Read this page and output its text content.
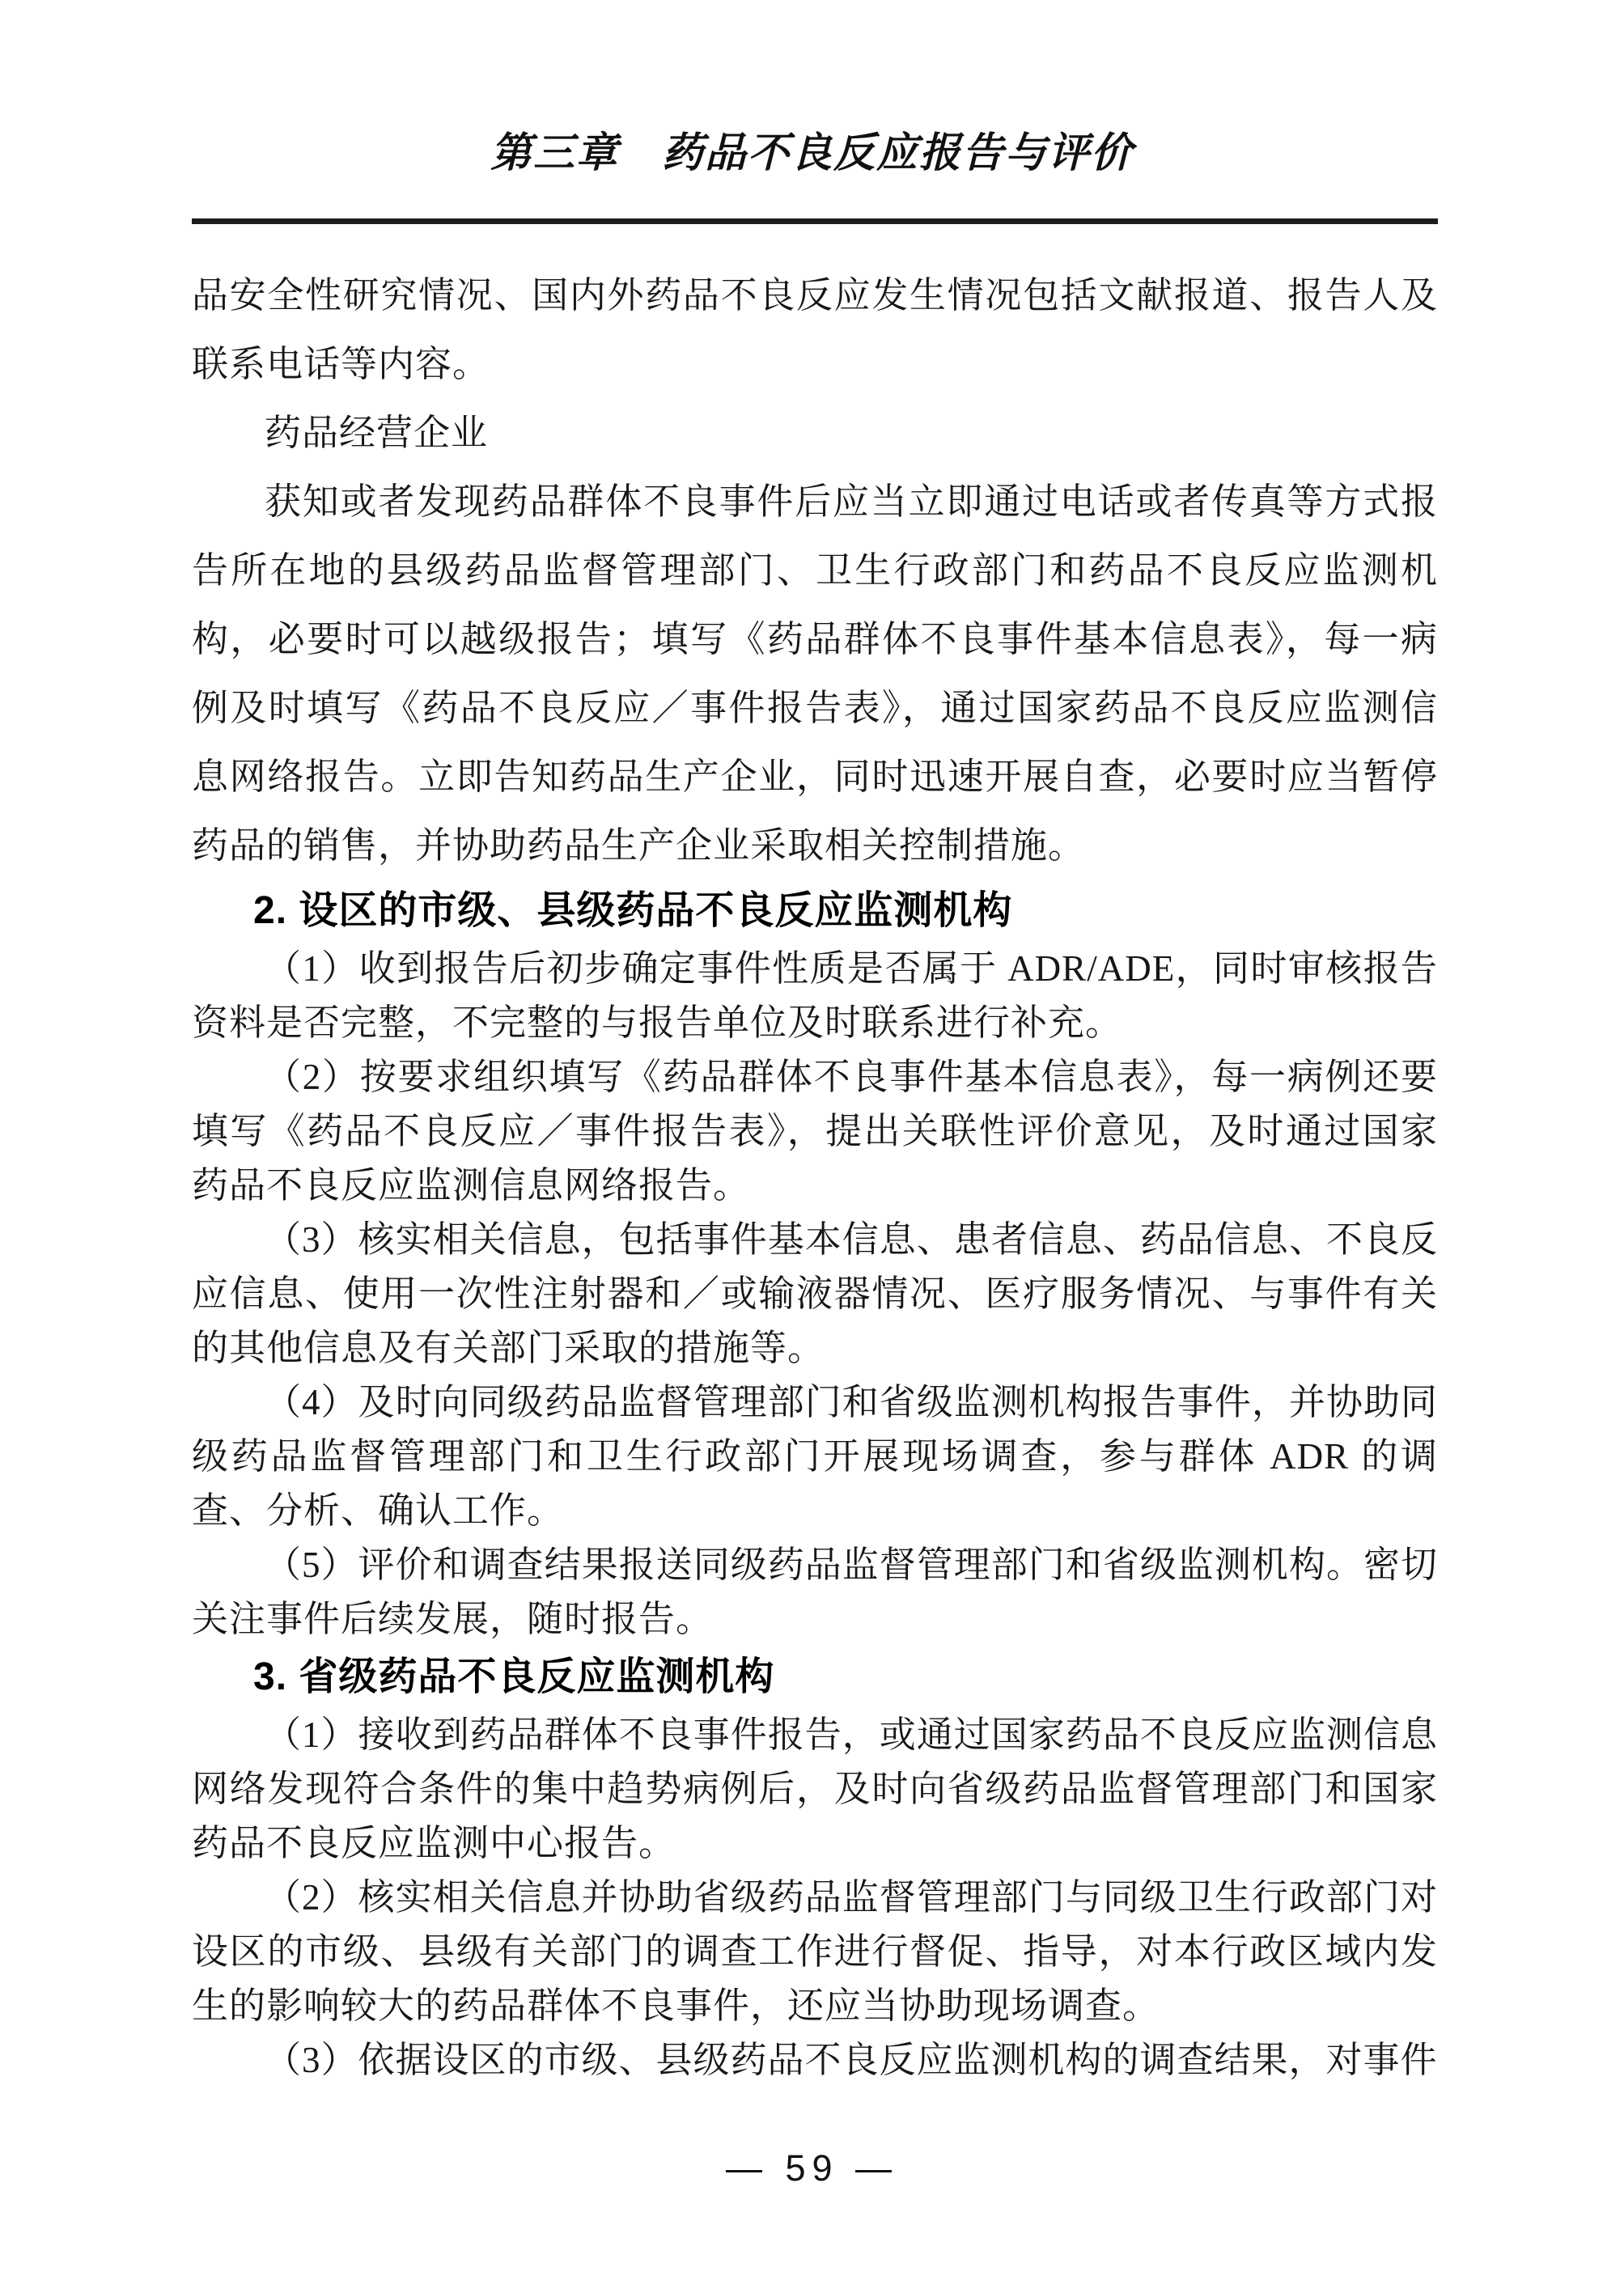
第三章　药品不良反应报告与评价

品安全性研究情况、国内外药品不良反应发生情况包括文献报道、报告人及联系电话等内容。

药品经营企业

获知或者发现药品群体不良事件后应当立即通过电话或者传真等方式报告所在地的县级药品监督管理部门、卫生行政部门和药品不良反应监测机构，必要时可以越级报告；填写《药品群体不良事件基本信息表》，每一病例及时填写《药品不良反应／事件报告表》，通过国家药品不良反应监测信息网络报告。立即告知药品生产企业，同时迅速开展自查，必要时应当暂停药品的销售，并协助药品生产企业采取相关控制措施。

2. 设区的市级、县级药品不良反应监测机构

（1）收到报告后初步确定事件性质是否属于 ADR/ADE，同时审核报告资料是否完整，不完整的与报告单位及时联系进行补充。

（2）按要求组织填写《药品群体不良事件基本信息表》，每一病例还要填写《药品不良反应／事件报告表》，提出关联性评价意见，及时通过国家药品不良反应监测信息网络报告。

（3）核实相关信息，包括事件基本信息、患者信息、药品信息、不良反应信息、使用一次性注射器和／或输液器情况、医疗服务情况、与事件有关的其他信息及有关部门采取的措施等。

（4）及时向同级药品监督管理部门和省级监测机构报告事件，并协助同级药品监督管理部门和卫生行政部门开展现场调查，参与群体 ADR 的调查、分析、确认工作。

（5）评价和调查结果报送同级药品监督管理部门和省级监测机构。密切关注事件后续发展，随时报告。

3. 省级药品不良反应监测机构

（1）接收到药品群体不良事件报告，或通过国家药品不良反应监测信息网络发现符合条件的集中趋势病例后，及时向省级药品监督管理部门和国家药品不良反应监测中心报告。

（2）核实相关信息并协助省级药品监督管理部门与同级卫生行政部门对设区的市级、县级有关部门的调查工作进行督促、指导，对本行政区域内发生的影响较大的药品群体不良事件，还应当协助现场调查。

（3）依据设区的市级、县级药品不良反应监测机构的调查结果，对事件

— 59 —
